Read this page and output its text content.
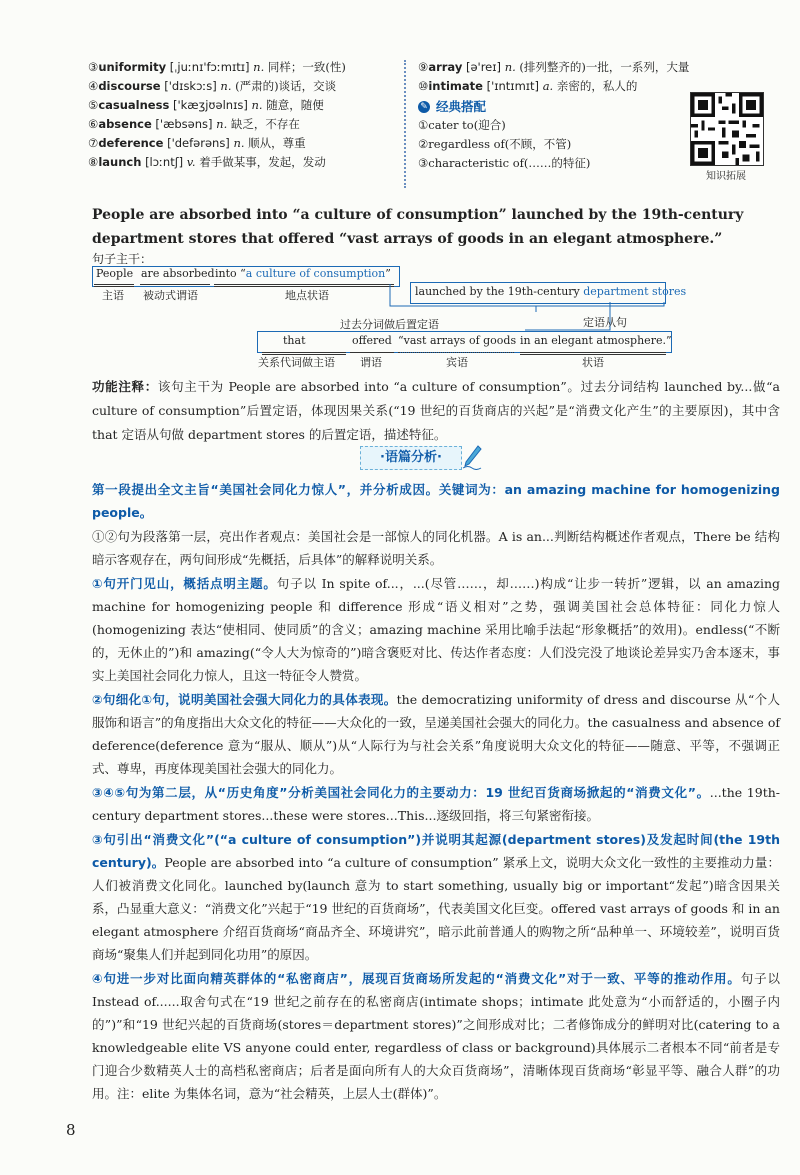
③uniformity [ˌjuːnɪ'fɔːmɪtɪ] n. 同样；一致(性)
④discourse ['dɪskɔːs] n. (严肃的)谈话，交谈
⑤casualness ['kæʒjʊəlnɪs] n. 随意，随便
⑥absence ['æbsəns] n. 缺乏，不存在
⑦deference ['defərəns] n. 顺从，尊重
⑧launch [lɔːntʃ] v. 着手做某事，发起，发动
⑨array [ə'reɪ] n. (排列整齐的)一批，一系列，大量
⑩intimate ['ɪntɪmɪt] a. 亲密的，私人的
✎ 经典搭配
①cater to(迎合)
②regardless of(不顾，不管)
③characteristic of(……的特征)
知识拓展
People are absorbed into “a culture of consumption” launched by the 19th-century department stores that offered “vast arrays of goods in an elegant atmosphere.”
句子主干：
People are absorbed into “a culture of consumption”
主语 被动式谓语	地点状语	launched by the 19th-century department stores
过去分词做后置定语	定语从句
that	offered “vast arrays of goods in an elegant atmosphere.”
关系代词做主语 谓语	宾语	状语
功能注释：该句主干为 People are absorbed into “a culture of consumption”。过去分词结构 launched by...做“a culture of consumption”后置定语，体现因果关系(“19 世纪的百货商店的兴起”是“消费文化产生”的主要原因)，其中含 that 定语从句做 department stores 的后置定语，描述特征。
·语篇分析·
第一段提出全文主旨“美国社会同化力惊人”，并分析成因。关键词为：an amazing machine for homogenizing people。
①②句为段落第一层，亮出作者观点：美国社会是一部惊人的同化机器。A is an...判断结构概述作者观点，There be 结构暗示客观存在，两句间形成“先概括，后具体”的解释说明关系。
①句开门见山，概括点明主题。句子以 In spite of...，...(尽管……，却……)构成“让步一转折”逻辑，以 an amazing machine for homogenizing people 和 difference 形成“语义相对”之势，强调美国社会总体特征：同化力惊人(homogenizing 表达“使相同、使同质”的含义；amazing machine 采用比喻手法起“形象概括”的效用)。endless(“不断的，无休止的”)和 amazing(“令人大为惊奇的”)暗含褒贬对比、传达作者态度：人们没完没了地谈论差异实乃舍本逐末，事实上美国社会同化力惊人，且这一特征令人赞赏。
②句细化①句，说明美国社会强大同化力的具体表现。the democratizing uniformity of dress and discourse 从“个人服饰和语言”的角度指出大众文化的特征——大众化的一致，呈递美国社会强大的同化力。the casualness and absence of deference(deference 意为“服从、顺从”)从“人际行为与社会关系”角度说明大众文化的特征——随意、平等，不强调正式、尊卑，再度体现美国社会强大的同化力。
③④⑤句为第二层，从“历史角度”分析美国社会同化力的主要动力：19 世纪百货商场掀起的“消费文化”。...the 19th-century department stores...these were stores...This...逐级回指，将三句紧密衔接。
③句引出“消费文化”(“a culture of consumption”)并说明其起源(department stores)及发起时间(the 19th century)。People are absorbed into “a culture of consumption” 紧承上文，说明大众文化一致性的主要推动力量：人们被消费文化同化。launched by(launch 意为 to start something, usually big or important“发起”)暗含因果关系，凸显重大意义：“消费文化”兴起于“19 世纪的百货商场”，代表美国文化巨变。offered vast arrays of goods 和 in an elegant atmosphere 介绍百货商场“商品齐全、环境讲究”，暗示此前普通人的购物之所“品种单一、环境较差”，说明百货商场“聚集人们并起到同化功用”的原因。
④句进一步对比面向精英群体的“私密商店”，展现百货商场所发起的“消费文化”对于一致、平等的推动作用。句子以 Instead of......取舍句式在“19 世纪之前存在的私密商店(intimate shops；intimate 此处意为“小而舒适的，小圈子内的”)”和“19 世纪兴起的百货商场(stores＝department stores)”之间形成对比；二者修饰成分的鲜明对比(catering to a knowledgeable elite VS anyone could enter, regardless of class or background)具体展示二者根本不同“前者是专门迎合少数精英人士的高档私密商店；后者是面向所有人的大众百货商场”，清晰体现百货商场“彰显平等、融合人群”的功用。注：elite 为集体名词，意为“社会精英，上层人士(群体)”。
8
